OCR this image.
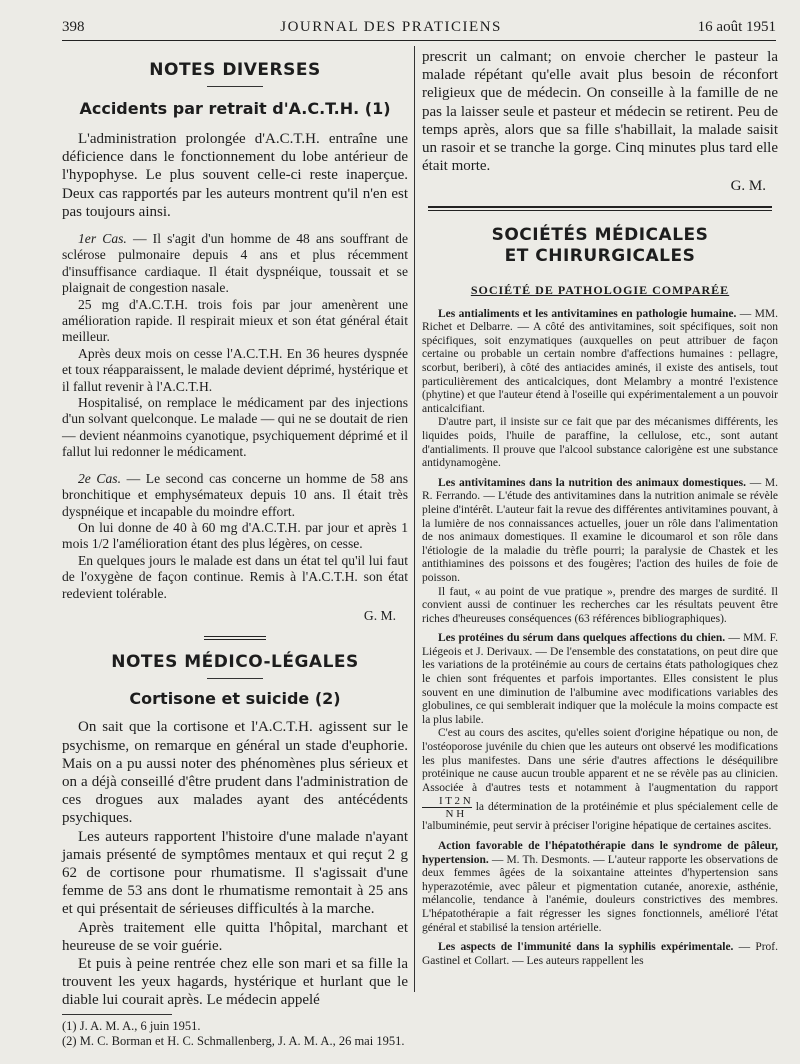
398	JOURNAL DES PRATICIENS	16 août 1951
NOTES DIVERSES
Accidents par retrait d'A.C.T.H. (1)

L'administration prolongée d'A.C.T.H. entraîne une déficience dans le fonctionnement du lobe antérieur de l'hypophyse. Le plus souvent celle-ci reste inaperçue. Deux cas rapportés par les auteurs montrent qu'il n'en est pas toujours ainsi.

1er Cas. — Il s'agit d'un homme de 48 ans souffrant de sclérose pulmonaire depuis 4 ans et plus récemment d'insuffisance cardiaque. Il était dyspnéique, toussait et se plaignait de congestion nasale.

25 mg d'A.C.T.H. trois fois par jour amenèrent une amélioration rapide. Il respirait mieux et son état général était meilleur.

Après deux mois on cesse l'A.C.T.H. En 36 heures dyspnée et toux réapparaissent, le malade devient déprimé, hystérique et il fallut revenir à l'A.C.T.H.

Hospitalisé, on remplace le médicament par des injections d'un solvant quelconque. Le malade — qui ne se doutait de rien — devient néanmoins cyanotique, psychiquement déprimé et il fallut lui redonner le médicament.

2e Cas. — Le second cas concerne un homme de 58 ans bronchitique et emphysémateux depuis 10 ans. Il était très dyspnéique et incapable du moindre effort.

On lui donne de 40 à 60 mg d'A.C.T.H. par jour et après 1 mois 1/2 l'amélioration étant des plus légères, on cesse.

En quelques jours le malade est dans un état tel qu'il lui faut de l'oxygène de façon continue. Remis à l'A.C.T.H. son état redevient tolérable.

G. M.

NOTES MÉDICO-LÉGALES
Cortisone et suicide (2)

On sait que la cortisone et l'A.C.T.H. agissent sur le psychisme, on remarque en général un stade d'euphorie. Mais on a pu aussi noter des phénomènes plus sérieux et on a déjà conseillé d'être prudent dans l'administration de ces drogues aux malades ayant des antécédents psychiques.

Les auteurs rapportent l'histoire d'une malade n'ayant jamais présenté de symptômes mentaux et qui reçut 2 g 62 de cortisone pour rhumatisme. Il s'agissait d'une femme de 53 ans dont le rhumatisme remontait à 25 ans et qui présentait de sérieuses difficultés à la marche.

Après traitement elle quitta l'hôpital, marchant et heureuse de se voir guérie.

Et puis à peine rentrée chez elle son mari et sa fille la trouvent les yeux hagards, hystérique et hurlant que le diable lui courait après. Le médecin appelé

(1) J. A. M. A., 6 juin 1951.

(2) M. C. Borman et H. C. Schmallenberg, J. A. M. A., 26 mai 1951.

prescrit un calmant; on envoie chercher le pasteur la malade répétant qu'elle avait plus besoin de réconfort religieux que de médecin. On conseille à la famille de ne pas la laisser seule et pasteur et médecin se retirent. Peu de temps après, alors que sa fille s'habillait, la malade saisit un rasoir et se tranche la gorge. Cinq minutes plus tard elle était morte.

G. M.

SOCIÉTÉS MÉDICALES
ET CHIRURGICALES
SOCIÉTÉ DE PATHOLOGIE COMPARÉE

Les antialiments et les antivitamines en pathologie humaine. — MM. Richet et Delbarre. — A côté des antivitamines, soit spécifiques, soit non spécifiques, soit enzymatiques (auxquelles on peut attribuer de façon certaine ou probable un certain nombre d'affections humaines : pellagre, scorbut, beriberi), à côté des antiacides aminés, il existe des antisels, tout particulièrement des anticalciques, dont Melambry a montré l'existence (phytine) et que l'auteur étend à l'oseille qui expérimentalement a un pouvoir anticalcifiant.

D'autre part, il insiste sur ce fait que par des mécanismes différents, les liquides poids, l'huile de paraffine, la cellulose, etc., sont autant d'antialiments. Il prouve que l'alcool substance calorigène est une substance antidynamogène.

Les antivitamines dans la nutrition des animaux domestiques. — M. R. Ferrando. — L'étude des antivitamines dans la nutrition animale se révèle pleine d'intérêt. L'auteur fait la revue des différentes antivitamines pouvant, à la lumière de nos connaissances actuelles, jouer un rôle dans l'alimentation de nos animaux domestiques. Il examine le dicoumarol et son rôle dans l'étiologie de la maladie du trèfle pourri; la paralysie de Chastek et les antithiamines des poissons et des fougères; l'action des huiles de foie de poisson.

Il faut, « au point de vue pratique », prendre des marges de surdité. Il convient aussi de continuer les recherches car les résultats peuvent être riches d'heureuses conséquences (63 références bibliographiques).

Les protéines du sérum dans quelques affections du chien. — MM. F. Liégeois et J. Derivaux. — De l'ensemble des constatations, on peut dire que les variations de la protéinémie au cours de certains états pathologiques chez le chien sont fréquentes et parfois importantes. Elles consistent le plus souvent en une diminution de l'albumine avec modifications variables des globulines, ce qui semblerait indiquer que la molécule la moins compacte est la plus labile.

C'est au cours des ascites, qu'elles soient d'origine hépatique ou non, de l'ostéoporose juvénile du chien que les auteurs ont observé les modifications les plus manifestes. Dans une série d'autres affections le déséquilibre protéinique ne cause aucun trouble apparent et ne se révèle pas au clinicien. Associée à d'autres tests et notamment à l'augmentation du rapport
$\frac{\text{I T 2 N}}{\text{N H}}$ la détermination de la protéinémie et plus spécialement celle de l'albuminémie, peut servir à préciser l'origine hépatique de certaines ascites.

Action favorable de l'hépatothérapie dans le syndrome de pâleur, hypertension. — M. Th. Desmonts. — L'auteur rapporte les observations de deux femmes âgées de la soixantaine atteintes d'hypertension sans hyperazotémie, avec pâleur et pigmentation cutanée, anorexie, asthénie, mélancolie, tendance à l'anémie, douleurs constrictives des membres. L'hépatothérapie a fait régresser les signes fonctionnels, amélioré l'état général et stabilisé la tension artérielle.

Les aspects de l'immunité dans la syphilis expérimentale. — Prof. Gastinel et Collart. — Les auteurs rappellent les
